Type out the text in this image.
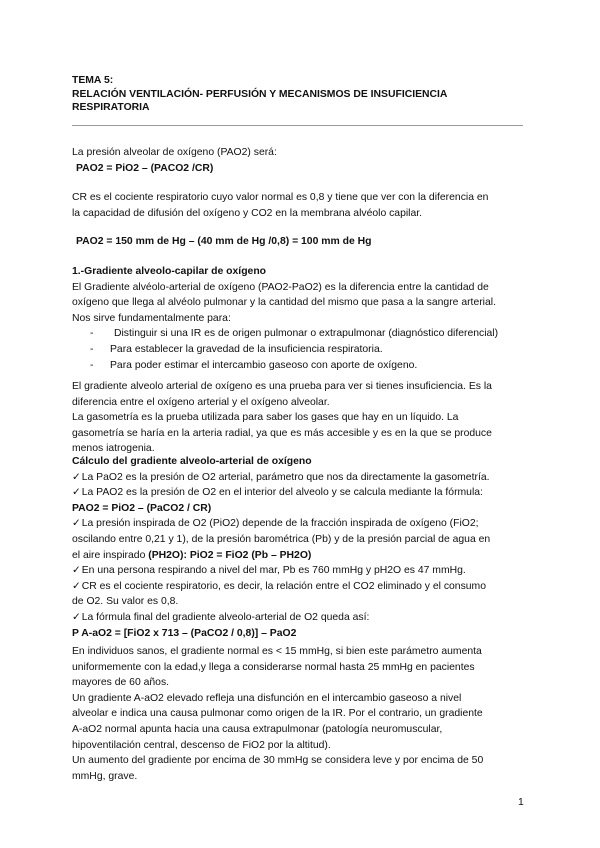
TEMA 5:

RELACIÓN VENTILACIÓN- PERFUSIÓN Y MECANISMOS DE INSUFICIENCIA

RESPIRATORIA

La presión alveolar de oxígeno (PAO2) será:

PAO2 = PiO2 – (PACO2 /CR)

CR es el cociente respiratorio cuyo valor normal es 0,8 y tiene que ver con la diferencia en

la capacidad de difusión del oxígeno y CO2 en la membrana alvéolo capilar.

PAO2 = 150 mm de Hg – (40 mm de Hg /0,8) = 100 mm de Hg

1.-Gradiente alveolo-capilar de oxígeno

El Gradiente alvéolo-arterial de oxígeno (PAO2-PaO2) es la diferencia entre la cantidad de

oxígeno que llega al alvéolo pulmonar y la cantidad del mismo que pasa a la sangre arterial.

Nos sirve fundamentalmente para:

-	Distinguir si una IR es de origen pulmonar o extrapulmonar (diagnóstico diferencial)
-	Para establecer la gravedad de la insuficiencia respiratoria.
-	Para poder estimar el intercambio gaseoso con aporte de oxígeno.

El gradiente alveolo arterial de oxígeno es una prueba para ver si tienes insuficiencia. Es la

diferencia entre el oxígeno arterial y el oxígeno alveolar.

La gasometría es la prueba utilizada para saber los gases que hay en un líquido. La

gasometría se haría en la arteria radial, ya que es más accesible y es en la que se produce

menos iatrogenia.

Cálculo del gradiente alveolo-arterial de oxígeno

✓La PaO2 es la presión de O2 arterial, parámetro que nos da directamente la gasometría.

✓La PAO2 es la presión de O2 en el interior del alveolo y se calcula mediante la fórmula:

PAO2 = PiO2 – (PaCO2 / CR)

✓La presión inspirada de O2 (PiO2) depende de la fracción inspirada de oxígeno (FiO2;

oscilando entre 0,21 y 1), de la presión barométrica (Pb) y de la presión parcial de agua en

el aire inspirado (PH2O): PiO2 = FiO2 (Pb – PH2O)

✓En una persona respirando a nivel del mar, Pb es 760 mmHg y pH2O es 47 mmHg.

✓CR es el cociente respiratorio, es decir, la relación entre el CO2 eliminado y el consumo

de O2. Su valor es 0,8.

✓La fórmula final del gradiente alveolo-arterial de O2 queda así:

P A-aO2 = [FiO2 x 713 – (PaCO2 / 0,8)] – PaO2

En individuos sanos, el gradiente normal es < 15 mmHg, si bien este parámetro aumenta

uniformemente con la edad,y llega a considerarse normal hasta 25 mmHg en pacientes

mayores de 60 años.

Un gradiente A-aO2 elevado refleja una disfunción en el intercambio gaseoso a nivel

alveolar e indica una causa pulmonar como origen de la IR. Por el contrario, un gradiente

A-aO2 normal apunta hacia una causa extrapulmonar (patología neuromuscular,

hipoventilación central, descenso de FiO2 por la altitud).

Un aumento del gradiente por encima de 30 mmHg se considera leve y por encima de 50

mmHg, grave.

1
